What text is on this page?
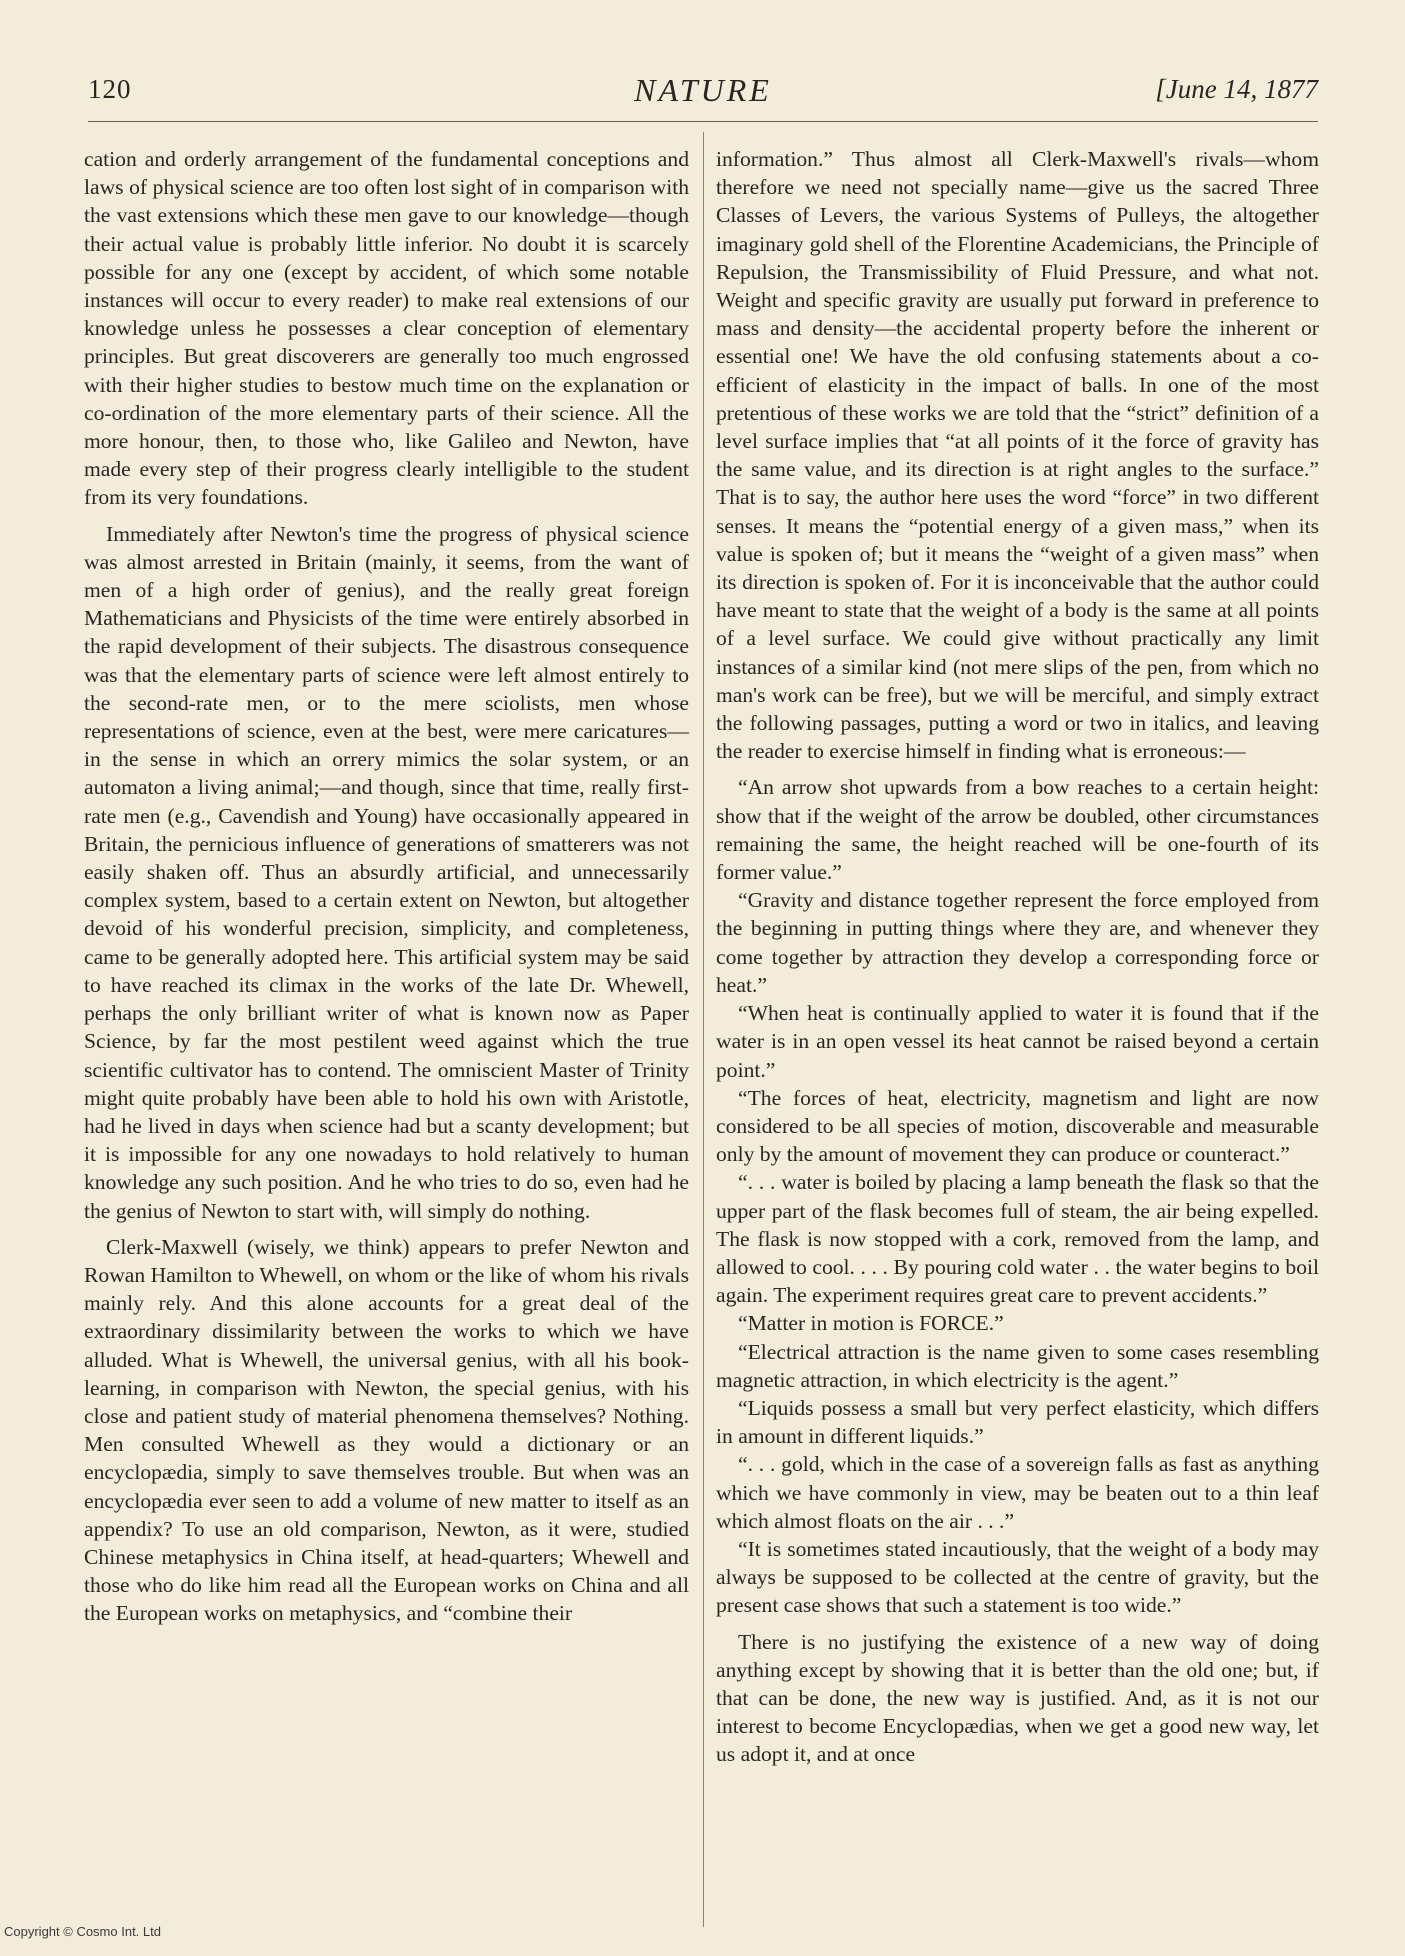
120	NATURE	[June 14, 1877

cation and orderly arrangement of the fundamental conceptions and laws of physical science are too often lost sight of in comparison with the vast extensions which these men gave to our knowledge—though their actual value is probably little inferior. No doubt it is scarcely possible for any one (except by accident, of which some notable instances will occur to every reader) to make real extensions of our knowledge unless he possesses a clear conception of elementary principles. But great discoverers are generally too much engrossed with their higher studies to bestow much time on the explanation or co-ordination of the more elementary parts of their science. All the more honour, then, to those who, like Galileo and Newton, have made every step of their progress clearly intelligible to the student from its very foundations.

Immediately after Newton's time the progress of physical science was almost arrested in Britain (mainly, it seems, from the want of men of a high order of genius), and the really great foreign Mathematicians and Physicists of the time were entirely absorbed in the rapid development of their subjects. The disastrous consequence was that the elementary parts of science were left almost entirely to the second-rate men, or to the mere sciolists, men whose representations of science, even at the best, were mere caricatures—in the sense in which an orrery mimics the solar system, or an automaton a living animal;—and though, since that time, really first-rate men (e.g., Cavendish and Young) have occasionally appeared in Britain, the pernicious influence of generations of smatterers was not easily shaken off. Thus an absurdly artificial, and unnecessarily complex system, based to a certain extent on Newton, but altogether devoid of his wonderful precision, simplicity, and completeness, came to be generally adopted here. This artificial system may be said to have reached its climax in the works of the late Dr. Whewell, perhaps the only brilliant writer of what is known now as Paper Science, by far the most pestilent weed against which the true scientific cultivator has to contend. The omniscient Master of Trinity might quite probably have been able to hold his own with Aristotle, had he lived in days when science had but a scanty development; but it is impossible for any one nowadays to hold relatively to human knowledge any such position. And he who tries to do so, even had he the genius of Newton to start with, will simply do nothing.

Clerk-Maxwell (wisely, we think) appears to prefer Newton and Rowan Hamilton to Whewell, on whom or the like of whom his rivals mainly rely. And this alone accounts for a great deal of the extraordinary dissimilarity between the works to which we have alluded. What is Whewell, the universal genius, with all his book-learning, in comparison with Newton, the special genius, with his close and patient study of material phenomena themselves? Nothing. Men consulted Whewell as they would a dictionary or an encyclopædia, simply to save themselves trouble. But when was an encyclopædia ever seen to add a volume of new matter to itself as an appendix? To use an old comparison, Newton, as it were, studied Chinese metaphysics in China itself, at head-quarters; Whewell and those who do like him read all the European works on China and all the European works on metaphysics, and “combine their

information.” Thus almost all Clerk-Maxwell's rivals—whom therefore we need not specially name—give us the sacred Three Classes of Levers, the various Systems of Pulleys, the altogether imaginary gold shell of the Florentine Academicians, the Principle of Repulsion, the Transmissibility of Fluid Pressure, and what not. Weight and specific gravity are usually put forward in preference to mass and density—the accidental property before the inherent or essential one! We have the old confusing statements about a co-efficient of elasticity in the impact of balls. In one of the most pretentious of these works we are told that the “strict” definition of a level surface implies that “at all points of it the force of gravity has the same value, and its direction is at right angles to the surface.” That is to say, the author here uses the word “force” in two different senses. It means the “potential energy of a given mass,” when its value is spoken of; but it means the “weight of a given mass” when its direction is spoken of. For it is inconceivable that the author could have meant to state that the weight of a body is the same at all points of a level surface. We could give without practically any limit instances of a similar kind (not mere slips of the pen, from which no man's work can be free), but we will be merciful, and simply extract the following passages, putting a word or two in italics, and leaving the reader to exercise himself in finding what is erroneous:—

“An arrow shot upwards from a bow reaches to a certain height: show that if the weight of the arrow be doubled, other circumstances remaining the same, the height reached will be one-fourth of its former value.”

“Gravity and distance together represent the force employed from the beginning in putting things where they are, and whenever they come together by attraction they develop a corresponding force or heat.”

“When heat is continually applied to water it is found that if the water is in an open vessel its heat cannot be raised beyond a certain point.”

“The forces of heat, electricity, magnetism and light are now considered to be all species of motion, discoverable and measurable only by the amount of movement they can produce or counteract.”

“. . . water is boiled by placing a lamp beneath the flask so that the upper part of the flask becomes full of steam, the air being expelled. The flask is now stopped with a cork, removed from the lamp, and allowed to cool. . . . By pouring cold water . . the water begins to boil again. The experiment requires great care to prevent accidents.”

“Matter in motion is FORCE.”

“Electrical attraction is the name given to some cases resembling magnetic attraction, in which electricity is the agent.”

“Liquids possess a small but very perfect elasticity, which differs in amount in different liquids.”

“. . . gold, which in the case of a sovereign falls as fast as anything which we have commonly in view, may be beaten out to a thin leaf which almost floats on the air . . .”

“It is sometimes stated incautiously, that the weight of a body may always be supposed to be collected at the centre of gravity, but the present case shows that such a statement is too wide.”

There is no justifying the existence of a new way of doing anything except by showing that it is better than the old one; but, if that can be done, the new way is justified. And, as it is not our interest to become Encyclopædias, when we get a good new way, let us adopt it, and at once

Copyright © Cosmo Int. Ltd
